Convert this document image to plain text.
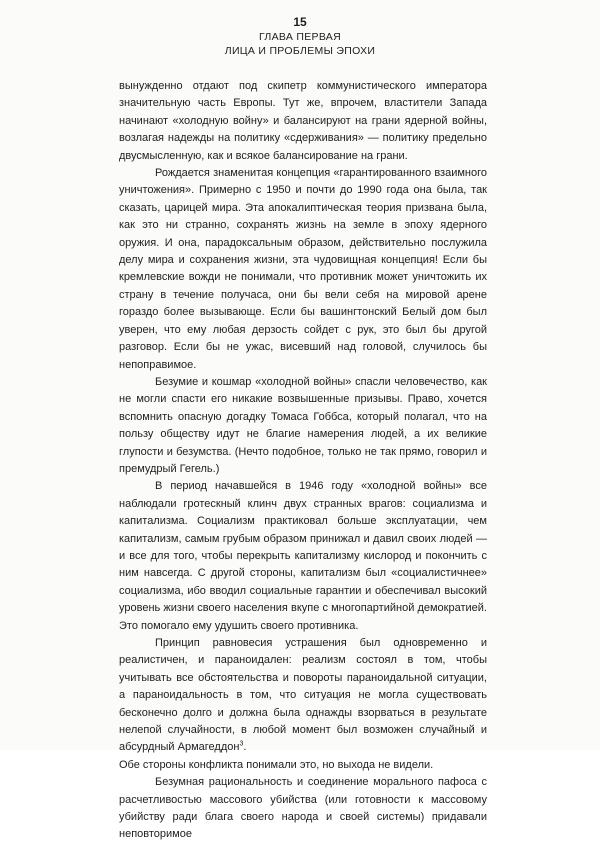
15
ГЛАВА ПЕРВАЯ
ЛИЦА И ПРОБЛЕМЫ ЭПОХИ

вынужденно отдают под скипетр коммунистического императора значительную часть Европы. Тут же, впрочем, властители Запада начинают «холодную войну» и балансируют на грани ядерной войны, возлагая надежды на политику «сдерживания» — политику предельно двусмысленную, как и всякое балансирование на грани.

Рождается знаменитая концепция «гарантированного взаимного уничтожения». Примерно с 1950 и почти до 1990 года она была, так сказать, царицей мира. Эта апокалиптическая теория призвана была, как это ни странно, сохранять жизнь на земле в эпоху ядерного оружия. И она, парадоксальным образом, действительно послужила делу мира и сохранения жизни, эта чудовищная концепция! Если бы кремлевские вожди не понимали, что противник может уничтожить их страну в течение получаса, они бы вели себя на мировой арене гораздо более вызывающе. Если бы вашингтонский Белый дом был уверен, что ему любая дерзость сойдет с рук, это был бы другой разговор. Если бы не ужас, висевший над головой, случилось бы непоправимое.

Безумие и кошмар «холодной войны» спасли человечество, как не могли спасти его никакие возвышенные призывы. Право, хочется вспомнить опасную догадку Томаса Гоббса, который полагал, что на пользу обществу идут не благие намерения людей, а их великие глупости и безумства. (Нечто подобное, только не так прямо, говорил и премудрый Гегель.)

В период начавшейся в 1946 году «холодной войны» все наблюдали гротескный клинч двух странных врагов: социализма и капитализма. Социализм практиковал больше эксплуатации, чем капитализм, самым грубым образом принижал и давил своих людей — и все для того, чтобы перекрыть капитализму кислород и покончить с ним навсегда. С другой стороны, капитализм был «социалистичнее» социализма, ибо вводил социальные гарантии и обеспечивал высокий уровень жизни своего населения вкупе с многопартийной демократией. Это помогало ему удушить своего противника.

Принцип равновесия устрашения был одновременно и реалистичен, и параноидален: реализм состоял в том, чтобы учитывать все обстоятельства и повороты параноидальной ситуации, а параноидальность в том, что ситуация не могла существовать бесконечно долго и должна была однажды взорваться в результате нелепой случайности, в любой момент был возможен случайный и абсурдный Армагеддон$^3$.

Обе стороны конфликта понимали это, но выхода не видели.

Безумная рациональность и соединение морального пафоса с расчетливостью массового убийства (или готовности к массовому убийству ради блага своего народа и своей системы) придавали неповторимое
